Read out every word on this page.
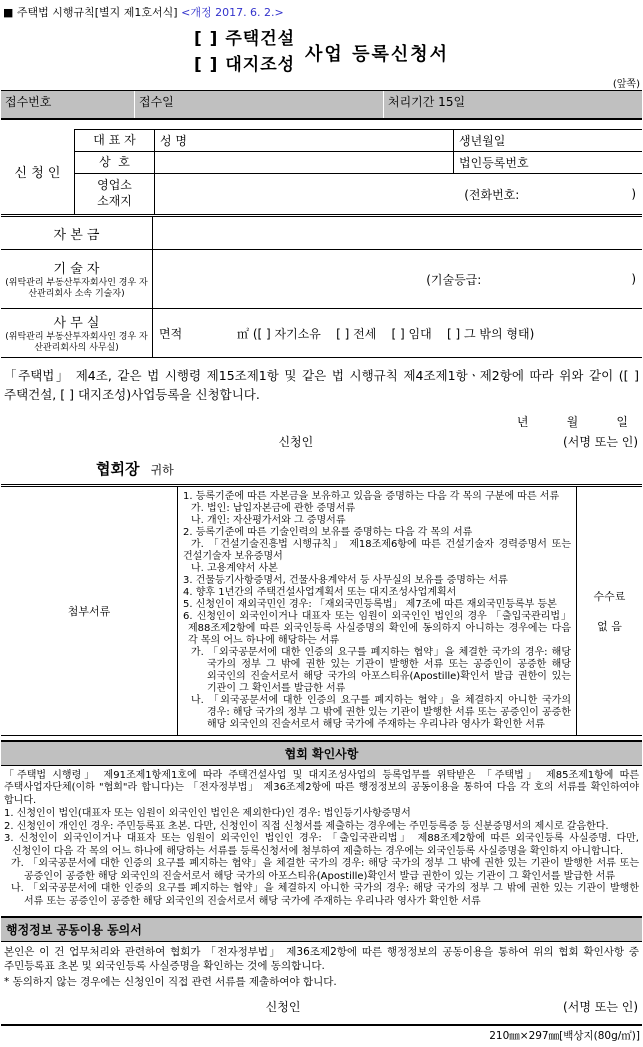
■ 주택법 시행규칙[별지 제1호서식] <개정 2017. 6. 2.>
[ ] 주택건설
[ ] 대지조성 사업 등록신청서
(앞쪽)
접수번호	접수일	처리기간 15일
신 청 인
대 표 자	성 명	생년월일
상  호	법인등록번호
영업소
소재지	(전화번호:	)
자 본 금
기 술 자
(위탁관리 부동산투자회사인 경우 자산관리회사 소속 기술자)
(기술등급:	)
사 무 실
(위탁관리 부동산투자회사인 경우 자산관리회사의 사무실)
면적	㎡ ([ ] 자기소유    [ ] 전세    [ ] 임대    [ ] 그 밖의 형태)
「주택법」 제4조, 같은 법 시행령 제15조제1항 및 같은 법 시행규칙 제4조제1항ㆍ제2항에 따라 위와 같이 ([ ] 주택건설, [ ] 대지조성)사업등록을 신청합니다.
년          월          일
신청인	(서명 또는 인)
협회장 귀하
첨부서류
1. 등록기준에 따른 자본금을 보유하고 있음을 증명하는 다음 각 목의 구분에 따른 서류
가. 법인: 납입자본금에 관한 증명서류
나. 개인: 자산평가서와 그 증명서류
2. 등록기준에 따른 기술인력의 보유를 증명하는 다음 각 목의 서류
가. 「건설기술진흥법 시행규칙」 제18조제6항에 따른 건설기술자 경력증명서 또는 건설기술자 보유증명서
나. 고용계약서 사본
3. 건물등기사항증명서, 건물사용계약서 등 사무실의 보유를 증명하는 서류
4. 향후 1년간의 주택건설사업계획서 또는 대지조성사업계획서
5. 신청인이 재외국민인 경우: 「재외국민등록법」 제7조에 따른 재외국민등록부 등본
6. 신청인이 외국인이거나 대표자 또는 임원이 외국인인 법인의 경우 「출입국관리법」 제88조제2항에 따른 외국인등록 사실증명의 확인에 동의하지 아니하는 경우에는 다음 각 목의 어느 하나에 해당하는 서류
가. 「외국공문서에 대한 인증의 요구를 폐지하는 협약」을 체결한 국가의 경우: 해당 국가의 정부 그 밖에 권한 있는 기관이 발행한 서류 또는 공증인이 공증한 해당 외국인의 진술서로서 해당 국가의 아포스티유(Apostille)확인서 발급 권한이 있는 기관이 그 확인서를 발급한 서류
나. 「외국공문서에 대한 인증의 요구를 폐지하는 협약」을 체결하지 아니한 국가의 경우: 해당 국가의 정부 그 밖에 권한 있는 기관이 발행한 서류 또는 공증인이 공증한 해당 외국인의 진술서로서 해당 국가에 주재하는 우리나라 영사가 확인한 서류
수수료
없 음
협회 확인사항
「주택법 시행령」 제91조제1항제1호에 따라 주택건설사업 및 대지조성사업의 등록업무를 위탁받은 「주택법」 제85조제1항에 따른 주택사업자단체(이하 "협회"라 합니다)는 「전자정부법」 제36조제2항에 따른 행정정보의 공동이용을 통하여 다음 각 호의 서류를 확인하여야 합니다.
1. 신청인이 법인(대표자 또는 임원이 외국인인 법인은 제외한다)인 경우: 법인등기사항증명서
2. 신청인이 개인인 경우: 주민등록표 초본. 다만, 신청인이 직접 신청서를 제출하는 경우에는 주민등록증 등 신분증명서의 제시로 갈음한다.
3. 신청인이 외국인이거나 대표자 또는 임원이 외국인인 법인인 경우: 「출입국관리법」 제88조제2항에 따른 외국인등록 사실증명. 다만, 신청인이 다음 각 목의 어느 하나에 해당하는 서류를 등록신청서에 첨부하여 제출하는 경우에는 외국인등록 사실증명을 확인하지 아니합니다.
가. 「외국공문서에 대한 인증의 요구를 폐지하는 협약」을 체결한 국가의 경우: 해당 국가의 정부 그 밖에 권한 있는 기관이 발행한 서류 또는 공증인이 공증한 해당 외국인의 진술서로서 해당 국가의 아포스티유(Apostille)확인서 발급 권한이 있는 기관이 그 확인서를 발급한 서류
나. 「외국공문서에 대한 인증의 요구를 폐지하는 협약」을 체결하지 아니한 국가의 경우: 해당 국가의 정부 그 밖에 권한 있는 기관이 발행한 서류 또는 공증인이 공증한 해당 외국인의 진술서로서 해당 국가에 주재하는 우리나라 영사가 확인한 서류
행정정보 공동이용 동의서
본인은 이 건 업무처리와 관련하여 협회가 「전자정부법」 제36조제2항에 따른 행정정보의 공동이용을 통하여 위의 협회 확인사항 중 주민등록표 초본 및 외국인등록 사실증명을 확인하는 것에 동의합니다.
* 동의하지 않는 경우에는 신청인이 직접 관련 서류를 제출하여야 합니다.
신청인	(서명 또는 인)
210㎜×297㎜[백상지(80g/㎡)]
